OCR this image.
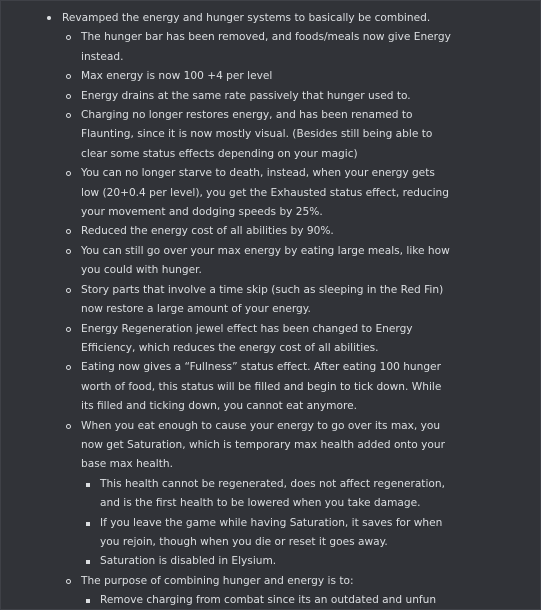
Revamped the energy and hunger systems to basically be combined.
The hunger bar has been removed, and foods/meals now give Energy instead.
Max energy is now 100 +4 per level
Energy drains at the same rate passively that hunger used to.
Charging no longer restores energy, and has been renamed to Flaunting, since it is now mostly visual. (Besides still being able to clear some status effects depending on your magic)
You can no longer starve to death, instead, when your energy gets low (20+0.4 per level), you get the Exhausted status effect, reducing your movement and dodging speeds by 25%.
Reduced the energy cost of all abilities by 90%.
You can still go over your max energy by eating large meals, like how you could with hunger.
Story parts that involve a time skip (such as sleeping in the Red Fin) now restore a large amount of your energy.
Energy Regeneration jewel effect has been changed to Energy Efficiency, which reduces the energy cost of all abilities.
Eating now gives a “Fullness” status effect. After eating 100 hunger worth of food, this status will be filled and begin to tick down. While its filled and ticking down, you cannot eat anymore.
When you eat enough to cause your energy to go over its max, you now get Saturation, which is temporary max health added onto your base max health.
This health cannot be regenerated, does not affect regeneration, and is the first health to be lowered when you take damage.
If you leave the game while having Saturation, it saves for when you rejoin, though when you die or reset it goes away.
Saturation is disabled in Elysium.
The purpose of combining hunger and energy is to:
Remove charging from combat since its an outdated and unfun
